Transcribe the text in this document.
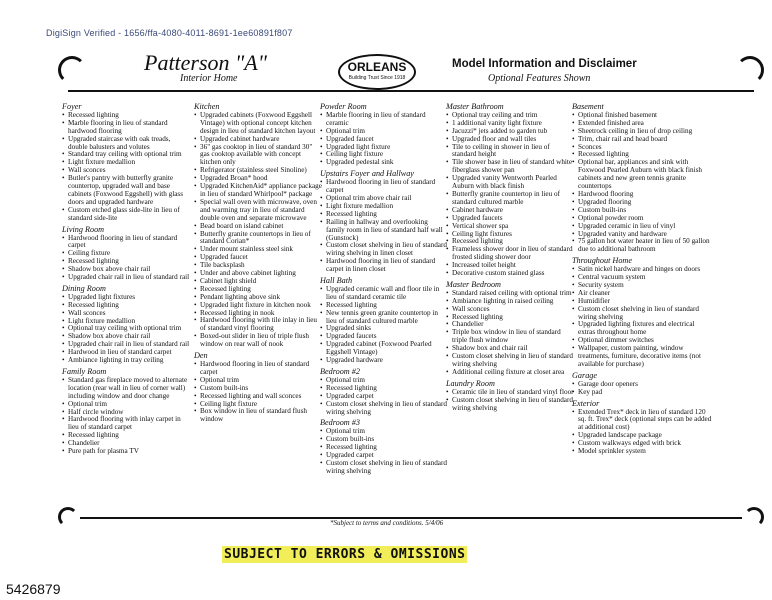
DigiSign Verified - 1656/ffa-4080-4011-8691-1ee60891f807
Patterson "A"
Interior Home
ORLEANS
Building Trust Since 1918
Model Information and Disclaimer
Optional Features Shown
Foyer
• Recessed lighting
• Marble flooring in lieu of standard hardwood flooring
• Upgraded staircase with oak treads, double balusters and volutes
• Standard tray ceiling with optional trim
• Light fixture medallion
• Wall sconces
• Butler's pantry with butterfly granite countertop, upgraded wall and base cabinets (Foxwood Eggshell) with glass doors and upgraded hardware
• Custom etched glass side-lite in lieu of standard side-lite
Living Room
• Hardwood flooring in lieu of standard carpet
• Ceiling fixture
• Recessed lighting
• Shadow box above chair rail
• Upgraded chair rail in lieu of standard rail
Dining Room
• Upgraded light fixtures
• Recessed lighting
• Wall sconces
• Light fixture medallion
• Optional tray ceiling with optional trim
• Shadow box above chair rail
• Upgraded chair rail in lieu of standard rail
• Hardwood in lieu of standard carpet
• Ambiance lighting in tray ceiling
Family Room
• Standard gas fireplace moved to alternate location (rear wall in lieu of corner wall) including window and door change
• Optional trim
• Half circle window
• Hardwood flooring with inlay carpet in lieu of standard carpet
• Recessed lighting
• Chandelier
• Pure path for plasma TV
Kitchen
• Upgraded cabinets (Foxwood Eggshell Vintage) with optional concept kitchen design in lieu of standard kitchen layout
• Upgraded cabinet hardware
• 36" gas cooktop in lieu of standard 30" gas cooktop available with concept kitchen only
• Refrigerator (stainless steel Sinoline)
• Upgraded Broan* hood
• Upgraded KitchenAid* appliance package in lieu of standard Whirlpool* package
• Special wall oven with microwave, oven and warming tray in lieu of standard double oven and separate microwave
• Bead board on island cabinet
• Butterfly granite countertops in lieu of standard Corian*
• Under mount stainless steel sink
• Upgraded faucet
• Tile backsplash
• Under and above cabinet lighting
• Cabinet light shield
• Recessed lighting
• Pendant lighting above sink
• Upgraded light fixture in kitchen nook
• Recessed lighting in nook
• Hardwood flooring with tile inlay in lieu of standard vinyl flooring
• Boxed-out slider in lieu of triple flush window on rear wall of nook
Den
• Hardwood flooring in lieu of standard carpet
• Optional trim
• Custom built-ins
• Recessed lighting and wall sconces
• Ceiling light fixture
• Box window in lieu of standard flush window
Powder Room
• Marble flooring in lieu of standard ceramic
• Optional trim
• Upgraded faucet
• Upgraded light fixture
• Ceiling light fixture
• Upgraded pedestal sink
Upstairs Foyer and Hallway
• Hardwood flooring in lieu of standard carpet
• Optional trim above chair rail
• Light fixture medallion
• Recessed lighting
• Railing in hallway and overlooking family room in lieu of standard half wall (Gunstock)
• Custom closet shelving in lieu of standard wiring shelving in linen closet
• Hardwood flooring in lieu of standard carpet in linen closet
Hall Bath
• Upgraded ceramic wall and floor tile in lieu of standard ceramic tile
• Recessed lighting
• New tennis green granite countertop in lieu of standard cultured marble
• Upgraded sinks
• Upgraded faucets
• Upgraded cabinet (Foxwood Pearled Eggshell Vintage)
• Upgraded hardware
Bedroom #2
• Optional trim
• Recessed lighting
• Upgraded carpet
• Custom closet shelving in lieu of standard wiring shelving
Bedroom #3
• Optional trim
• Custom built-ins
• Recessed lighting
• Upgraded carpet
• Custom closet shelving in lieu of standard wiring shelving
Master Bathroom
• Optional tray ceiling and trim
• 1 additional vanity light fixture
• Jacuzzi* jets added to garden tub
• Upgraded floor and wall tiles
• Tile to ceiling in shower in lieu of standard height
• Tile shower base in lieu of standard white fiberglass shower pan
• Upgraded vanity Wentworth Pearled Auburn with black finish
• Butterfly granite countertop in lieu of standard cultured marble
• Cabinet hardware
• Upgraded faucets
• Vertical shower spa
• Ceiling light fixtures
• Recessed lighting
• Frameless shower door in lieu of standard frosted sliding shower door
• Increased toilet height
• Decorative custom stained glass
Master Bedroom
• Standard raised ceiling with optional trim
• Ambiance lighting in raised ceiling
• Wall sconces
• Recessed lighting
• Chandelier
• Triple box window in lieu of standard triple flush window
• Shadow box and chair rail
• Custom closet shelving in lieu of standard wiring shelving
• Additional ceiling fixture at closet area
Laundry Room
• Ceramic tile in lieu of standard vinyl floor
• Custom closet shelving in lieu of standard wiring shelving
Basement
• Optional finished basement
• Extended finished area
• Sheetrock ceiling in lieu of drop ceiling
• Trim, chair rail and head board
• Sconces
• Recessed lighting
• Optional bar, appliances and sink with Foxwood Pearled Auburn with black finish cabinets and new green tennis granite countertops
• Hardwood flooring
• Upgraded flooring
• Custom built-ins
• Optional powder room
• Upgraded ceramic in lieu of vinyl
• Upgraded vanity and hardware
• 75 gallon hot water heater in lieu of 50 gallon due to additional bathroom
Throughout Home
• Satin nickel hardware and hinges on doors
• Central vacuum system
• Security system
• Air cleaner
• Humidifier
• Custom closet shelving in lieu of standard wiring shelving
• Upgraded lighting fixtures and electrical extras throughout home
• Optional dimmer switches
• Wallpaper, custom painting, window treatments, furniture, decorative items (not available for purchase)
Garage
• Garage door openers
• Key pad
Exterior
• Extended Trex* deck in lieu of standard 120 sq. ft. Trex* deck (optional steps can be added at additional cost)
• Upgraded landscape package
• Custom walkways edged with brick
• Model sprinkler system
*Subject to terms and conditions. 5/4/06
SUBJECT TO ERRORS & OMISSIONS
5426879
